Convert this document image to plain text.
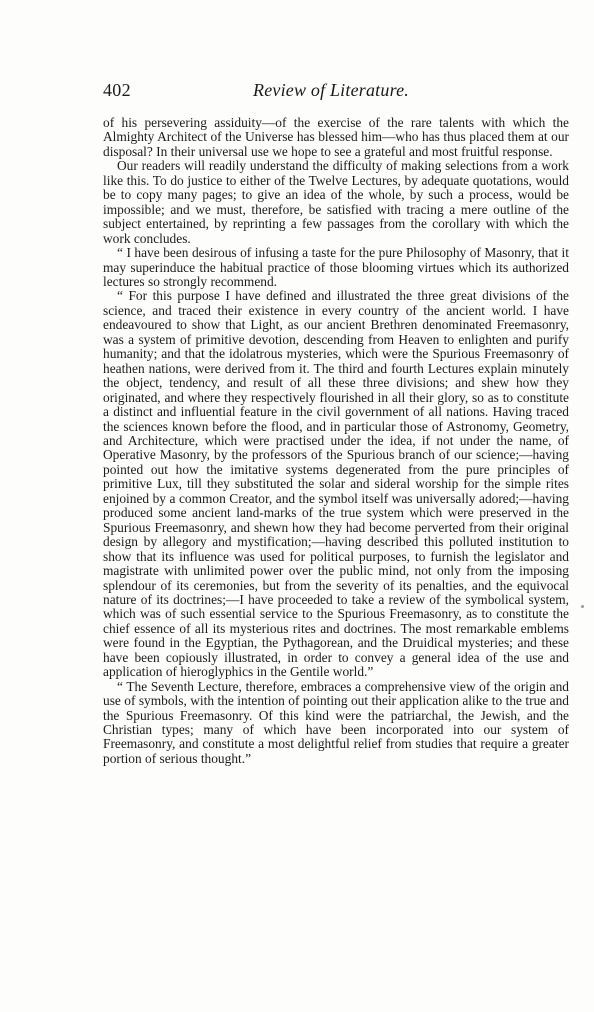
402	Review of Literature.

of his persevering assiduity—of the exercise of the rare talents with which the Almighty Architect of the Universe has blessed him—who has thus placed them at our disposal? In their universal use we hope to see a grateful and most fruitful response.

Our readers will readily understand the difficulty of making selections from a work like this. To do justice to either of the Twelve Lectures, by adequate quotations, would be to copy many pages; to give an idea of the whole, by such a process, would be impossible; and we must, therefore, be satisfied with tracing a mere outline of the subject entertained, by reprinting a few passages from the corollary with which the work concludes.

“ I have been desirous of infusing a taste for the pure Philosophy of Masonry, that it may superinduce the habitual practice of those blooming virtues which its authorized lectures so strongly recommend.

“ For this purpose I have defined and illustrated the three great divisions of the science, and traced their existence in every country of the ancient world. I have endeavoured to show that Light, as our ancient Brethren denominated Freemasonry, was a system of primitive devotion, descending from Heaven to enlighten and purify humanity; and that the idolatrous mysteries, which were the Spurious Freemasonry of heathen nations, were derived from it. The third and fourth Lectures explain minutely the object, tendency, and result of all these three divisions; and shew how they originated, and where they respectively flourished in all their glory, so as to constitute a distinct and influential feature in the civil government of all nations. Having traced the sciences known before the flood, and in particular those of Astronomy, Geometry, and Architecture, which were practised under the idea, if not under the name, of Operative Masonry, by the professors of the Spurious branch of our science;—having pointed out how the imitative systems degenerated from the pure principles of primitive Lux, till they substituted the solar and sideral worship for the simple rites enjoined by a common Creator, and the symbol itself was universally adored;—having produced some ancient land-marks of the true system which were preserved in the Spurious Freemasonry, and shewn how they had become perverted from their original design by allegory and mystification;—having described this polluted institution to show that its influence was used for political purposes, to furnish the legislator and magistrate with unlimited power over the public mind, not only from the imposing splendour of its ceremonies, but from the severity of its penalties, and the equivocal nature of its doctrines;—I have proceeded to take a review of the symbolical system, which was of such essential service to the Spurious Freemasonry, as to constitute the chief essence of all its mysterious rites and doctrines. The most remarkable emblems were found in the Egyptian, the Pythagorean, and the Druidical mysteries; and these have been copiously illustrated, in order to convey a general idea of the use and application of hieroglyphics in the Gentile world.”

“ The Seventh Lecture, therefore, embraces a comprehensive view of the origin and use of symbols, with the intention of pointing out their application alike to the true and the Spurious Freemasonry. Of this kind were the patriarchal, the Jewish, and the Christian types; many of which have been incorporated into our system of Freemasonry, and constitute a most delightful relief from studies that require a greater portion of serious thought.”
